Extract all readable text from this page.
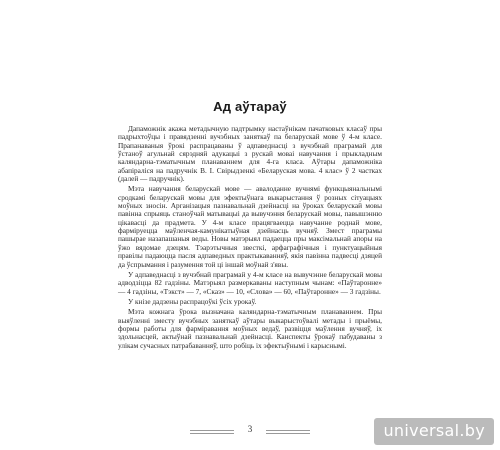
Ад аўтараў

Дапаможнік акажа метадычную падтрымку настаўнікам пачатковых класаў пры падрыхтоўцы і правядзенні вучэбных заняткаў па беларускай мове ў 4-м класе. Прапанаваныя ўрокі распрацаваны ў адпаведнасці з вучэбнай праграмай для ўстаноў агульнай сярэдняй адукацыі з рускай моваі навучання і прыкладным каляндарна-тэматычным планаваннем для 4-га класа. Аўтары дапаможніка абапіраліся на падручнік В. І. Свірыдзенкі «Беларуская мова. 4 клас» ў 2 частках (далей — падручнік).

Мэта навучання беларускай мове — авалоданне вучнямі функцыянальнымі сродкамі беларускай мовы для эфектыўнага выкарыстання ў розных сітуацыях моўных зносін. Арганізацыя пазнавальнай дзейнасці на ўроках беларускай мовы павінна спрыяць станоўчай матывацыі да вывучэння беларускай мовы, павышэнню цікавасці да прадмета. У 4-м класе працягваецца навучанне роднай мове, фарміруецца маўленчая-камунікатыўная дзейнасць вучняў. Змест праграмы пашырае назапашаныя веды. Новы матэрыял падаецца пры максімальнай апоры на ўжо вядомае дзецям. Тэарэтычныя звесткі, арфаграфічныя і пунктуацыйныя правілы падаюцца пасля адпаведных практыкаванняў, якія павінна падвесці дзяцей да ўспрымання і разумення той ці іншай моўнай з'явы.

У адпаведнасці з вучэбнай праграмай у 4-м класе на вывучэнне беларускай мовы адводзіцца 82 гадзіны. Матэрыял размеркаваны наступным чынам: «Паўтаронне» — 4 гадзіны, «Тэкст» — 7, «Сказ» — 10, «Слова» — 60, «Паўтаронне» — 3 гадзіны.

У кнізе дадзены распрацоўкі ўсіх урокаў.

Мэта кожнага ўрока вызначана каляндарна-тэматычным планаваннем. Пры выяўленні зместу вучэбных заняткаў аўтары выкарыстоўвалі метады і прыёмы, формы работы для фарміравання моўных ведаў, развіцця маўлення вучняў, іх здольнасцей, актыўнай пазнавальнай дзейнасці. Канспекты ўрокаў пабудаваны з улікам сучасных патрабаванняў, што робіць іх эфектыўнымі і карыснымі.

3	universal.by
